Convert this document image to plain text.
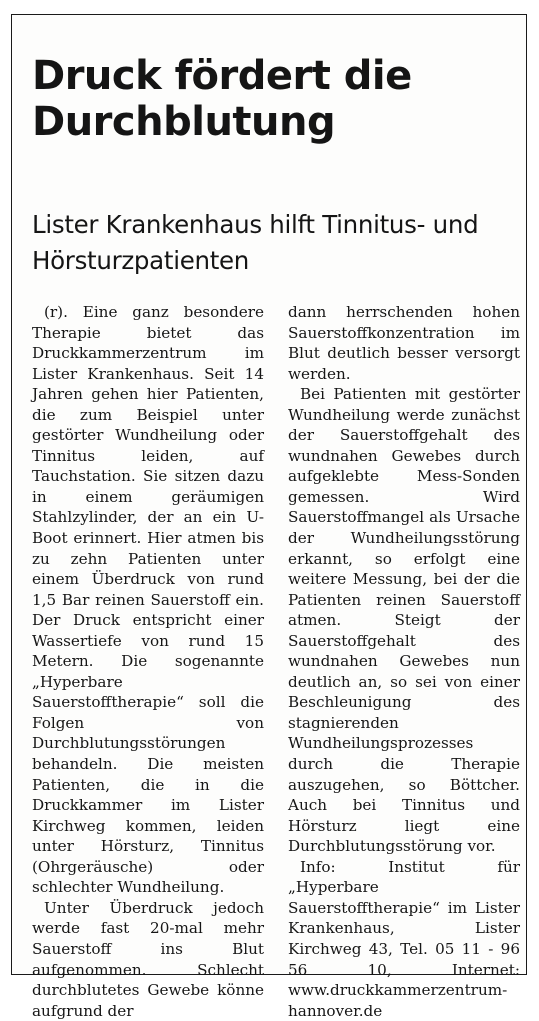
Druck fördert die Durchblutung
Lister Krankenhaus hilft Tinnitus- und Hörsturzpatienten

(r). Eine ganz besondere Therapie bietet das Druckkammerzentrum im Lister Krankenhaus. Seit 14 Jahren gehen hier Patienten, die zum Beispiel unter gestörter Wundheilung oder Tinnitus leiden, auf Tauchstation. Sie sitzen dazu in einem geräumigen Stahlzylinder, der an ein U-Boot erinnert. Hier atmen bis zu zehn Patienten unter einem Überdruck von rund 1,5 Bar reinen Sauerstoff ein. Der Druck entspricht einer Wassertiefe von rund 15 Metern. Die sogenannte „Hyperbare Sauerstofftherapie“ soll die Folgen von Durchblutungsstörungen behandeln. Die meisten Patienten, die in die Druckkammer im Lister Kirchweg kommen, leiden unter Hörsturz, Tinnitus (Ohrgeräusche) oder schlechter Wundheilung.

Unter Überdruck jedoch werde fast 20-mal mehr Sauerstoff ins Blut aufgenommen. Schlecht durchblutetes Gewebe könne aufgrund der

dann herrschenden hohen Sauerstoffkonzentration im Blut deutlich besser versorgt werden.

Bei Patienten mit gestörter Wundheilung werde zunächst der Sauerstoffgehalt des wundnahen Gewebes durch aufgeklebte Mess-Sonden gemessen. Wird Sauerstoffmangel als Ursache der Wundheilungsstörung erkannt, so erfolgt eine weitere Messung, bei der die Patienten reinen Sauerstoff atmen. Steigt der Sauerstoffgehalt des wundnahen Gewebes nun deutlich an, so sei von einer Beschleunigung des stagnierenden Wundheilungsprozesses durch die Therapie auszugehen, so Böttcher. Auch bei Tinnitus und Hörsturz liegt eine Durchblutungsstörung vor.

Info: Institut für „Hyperbare Sauerstofftherapie“ im Lister Krankenhaus, Lister Kirchweg 43, Tel. 05 11 - 96 56 10, Internet: www.druckkammerzentrum-hannover.de
